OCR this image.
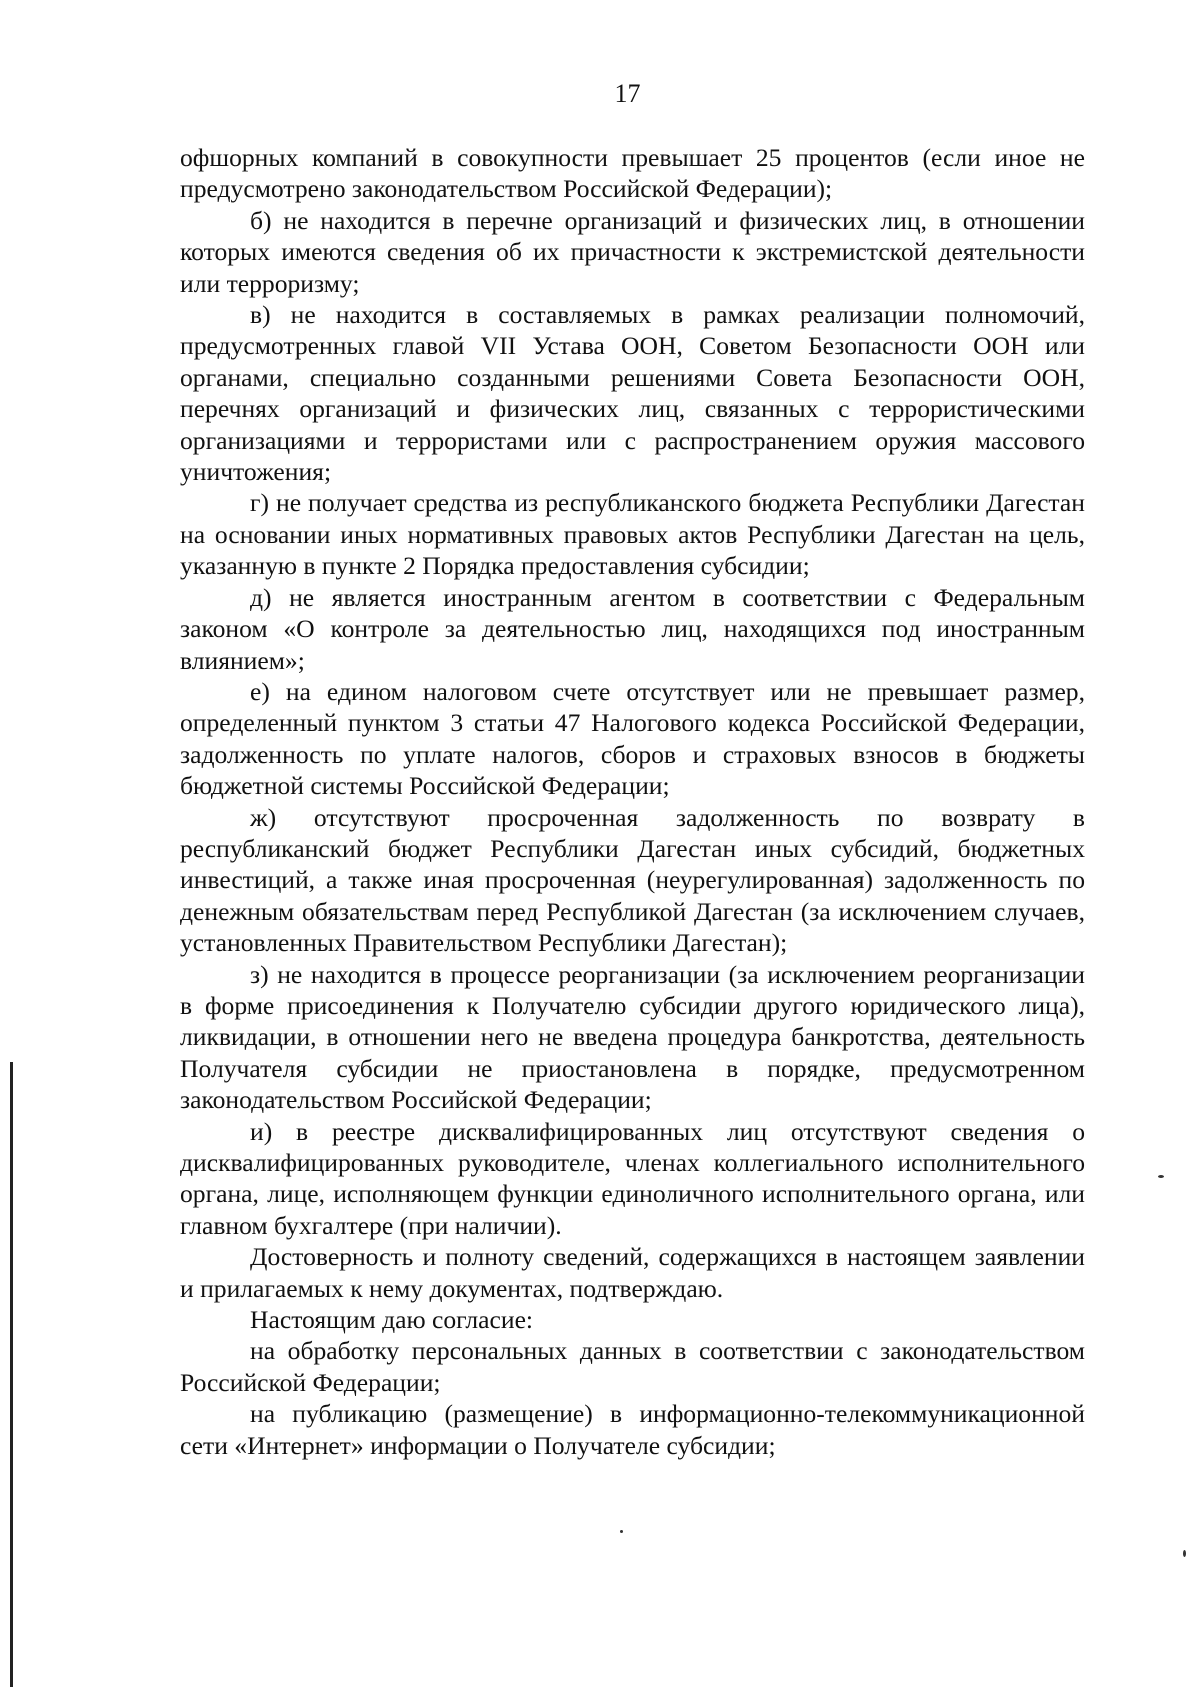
17

офшорных компаний в совокупности превышает 25 процентов (если иное не предусмотрено законодательством Российской Федерации);

б) не находится в перечне организаций и физических лиц, в отношении которых имеются сведения об их причастности к экстремистской деятельности или терроризму;

в) не находится в составляемых в рамках реализации полномочий, предусмотренных главой VII Устава ООН, Советом Безопасности ООН или органами, специально созданными решениями Совета Безопасности ООН, перечнях организаций и физических лиц, связанных с террористическими организациями и террористами или с распространением оружия массового уничтожения;

г) не получает средства из республиканского бюджета Республики Дагестан на основании иных нормативных правовых актов Республики Дагестан на цель, указанную в пункте 2 Порядка предоставления субсидии;

д) не является иностранным агентом в соответствии с Федеральным законом «О контроле за деятельностью лиц, находящихся под иностранным влиянием»;

е) на едином налоговом счете отсутствует или не превышает размер, определенный пунктом 3 статьи 47 Налогового кодекса Российской Федерации, задолженность по уплате налогов, сборов и страховых взносов в бюджеты бюджетной системы Российской Федерации;

ж) отсутствуют просроченная задолженность по возврату в республиканский бюджет Республики Дагестан иных субсидий, бюджетных инвестиций, а также иная просроченная (неурегулированная) задолженность по денежным обязательствам перед Республикой Дагестан (за исключением случаев, установленных Правительством Республики Дагестан);

з) не находится в процессе реорганизации (за исключением реорганизации в форме присоединения к Получателю субсидии другого юридического лица), ликвидации, в отношении него не введена процедура банкротства, деятельность Получателя субсидии не приостановлена в порядке, предусмотренном законодательством Российской Федерации;

и) в реестре дисквалифицированных лиц отсутствуют сведения о дисквалифицированных руководителе, членах коллегиального исполнительного органа, лице, исполняющем функции единоличного исполнительного органа, или главном бухгалтере (при наличии).

Достоверность и полноту сведений, содержащихся в настоящем заявлении и прилагаемых к нему документах, подтверждаю.

Настоящим даю согласие:

на обработку персональных данных в соответствии с законодательством Российской Федерации;

на публикацию (размещение) в информационно-телекоммуникационной сети «Интернет» информации о Получателе субсидии;
